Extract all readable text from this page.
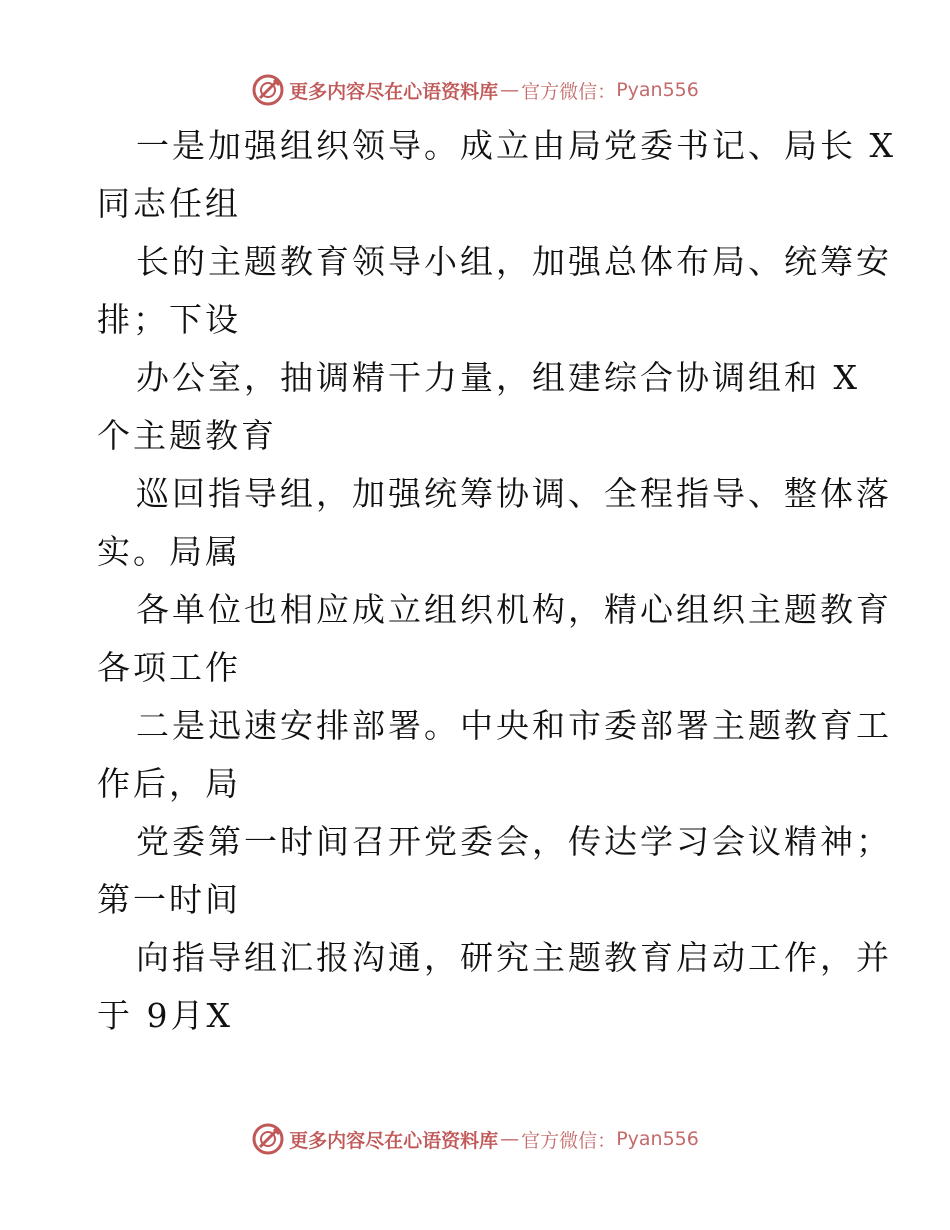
更多内容尽在心语资料库 — 官方微信： Pyan556
一是加强组织领导。成立由局党委书记、局长 X
同志任组
长的主题教育领导小组，加强总体布局、统筹安
排；下设
办公室，抽调精干力量，组建综合协调组和 X
个主题教育
巡回指导组，加强统筹协调、全程指导、整体落
实。局属
各单位也相应成立组织机构，精心组织主题教育
各项工作
二是迅速安排部署。中央和市委部署主题教育工
作后，局
党委第一时间召开党委会，传达学习会议精神；
第一时间
向指导组汇报沟通，研究主题教育启动工作，并
于 9月X
更多内容尽在心语资料库 — 官方微信： Pyan556
